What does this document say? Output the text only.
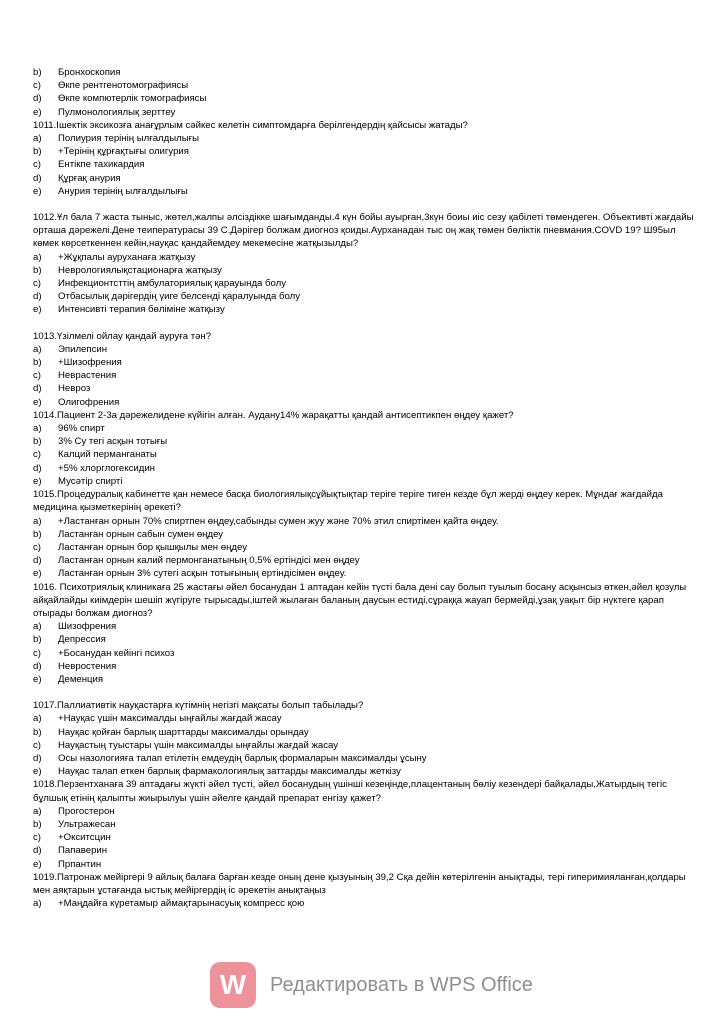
b)	Бронхоскопия
c)	Өкпе рентгенотомографиясы
d)	Өкпе компютерлік томографиясы
e)	Пулмонологиялық зерттеу
1011.Ішектік эксикозға анағұрлым сәйкес келетін симптомдарға берілгендердің қайсысы жатады?
a)	Полиурия терінің ылғалдылығы
b)	+Терінің құрғақтығы олигурия
c)	Ентікпе тахикардия
d)	Құрғақ анурия
e)	Анурия терінің ылғалдылығы
1012.Ұл бала 7 жаста тыныс, жөтел,жалпы әлсіздікке шағымданды.4 күн бойы ауырған,3күн боиы иіс сезу қабілеті төмендеген. Объективті жағдайы орташа дәрежелі.Дене теипературасы 39 С.Дәрігер болжам диогноз қоиды.Аурханадан тыс оң жақ төмен бөліктік пневмания.COVD 19? Ш95ыл көмек көрсеткеннен кейін,науқас қандайемдеу мекемесіне жатқызылды?
a)	+Жұқпалы ауруханаға жатқызу
b)	Неврологиялықстационарға жатқызу
c)	Инфекционтсттің амбулаториялық қарауында болу
d)	Отбасылық дәрігердің үиге белсенді қаралуында болу
e)	Интенсивті терапия бөліміне жатқызу
1013.Үзілмелі ойлау қандай ауруға тән?
a)	Эпилепсин
b)	+Шизофрения
c)	Неврастения
d)	Невроз
e)	Олигофрения
1014.Пациент 2-3а дәрежелидене күйігін алған. Аудану14% жарақатты қандай антисептикпен өңдеу қажет?
a)	96% спирт
b)	3% Су тегі асқын тотығы
c)	Калций перманганаты
d)	+5% хлорглогексидин
e)	Мусәтір спирті
1015.Процедуралық кабинетте қан немесе басқа биологиялықсұйықтықтар теріге теріге тиген кезде бұл жерді өңдеу керек. Мұндағ жағдайда медицина қызметкерінің әрекеті?
a)	+Ластанған орнын 70% спиртпен өңдеу,сабынды сумен жуу және 70% этил спиртімен қайта өңдеу.
b)	Ластанған орнын сабын сумен өңдеу
c)	Ластанған орнын бор қышқылы мен өңдеу
d)	Ластанған орнын калий пермонганатының 0,5% ертіндісі мен өңдеу
e)	Ластанған орнын 3% сутегі асқын тотығының ертіндісімен өңдеу.
1016. Психотриялық клиникаға 25 жастағы әйел босанудан 1 аптадан кейін түсті бала дені сау болып туылып босану асқынсыз өткен,әйел қозулы айқайлайды киімдерін шешіп жүгіруге тырысады,іштей жылаған баланың даусын естиді,сұраққа жауап бермейді,ұзақ уақыт бір нүктеге қарап отырады болжам диогноз?
a)	Шизофрения
b)	Депрессия
c)	+Босанудан кейінгі психоз
d)	Невростения
e)	Деменция
1017.Паллиативтік науқастарға күтімнің негізгі мақсаты болып табылады?
a)	+Науқас үшін максималды ыңғайлы жағдай жасау
b)	Науқас қойған барлық шарттарды максималды орындау
c)	Науқастың туыстары үшін максималды ыңғайлы жағдай жасау
d)	Осы назологияға талап етілетін емдеудің барлық формаларын максималды ұсыну
e)	Науқас талап еткен барлық фармакологиялық заттарды максималды жеткізу
1018.Перзентханаға 39 аптадағы жүкті әйел түсті, әйел босанудың үшінші кезеңінде,плацентаның бөліу кезендері байқалады,Жатырдың тегіс бұлшық етінің қалыпты жиырылуы үшін әйелге қандай препарат енгізу қажет?
a)	Прогостерон
b)	Ультражесан
c)	+Окситсцин
d)	Папаверин
e)	Прпантин
1019.Патронаж мейіргері 9 айлық балаға барған кезде оның дене қызуының 39,2 Сқа дейін көтерілгенін анықтады, тері гиперимияланған,қолдары мен аяқтарын ұстағанда ыстық мейіргердің іс әрекетін анықтаңыз
a)	+Маңдайға күретамыр аймақтарынасуық компресс қою
W	Редактировать в WPS Office
